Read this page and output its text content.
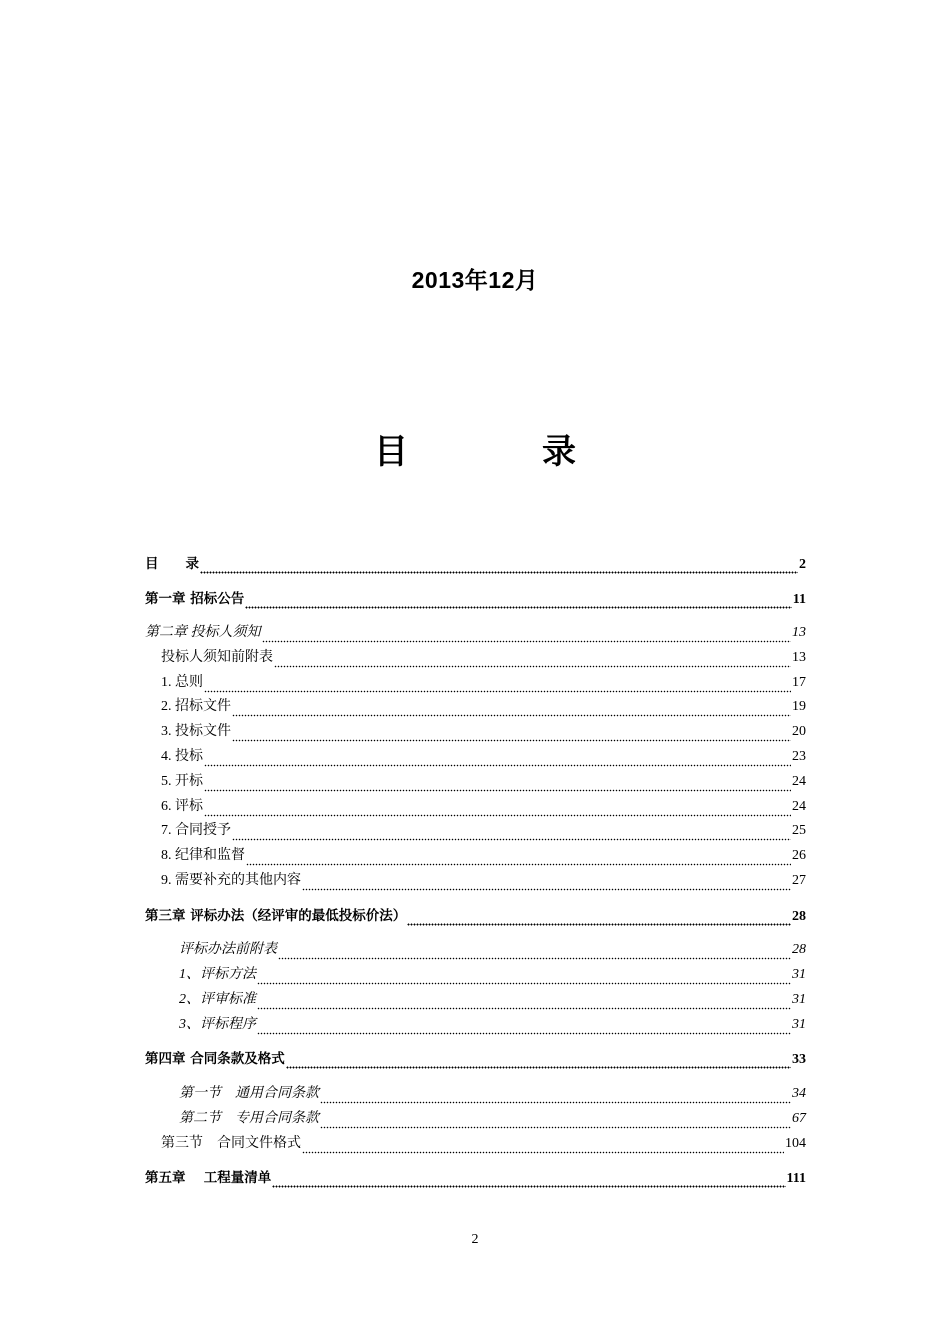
2013年12月
目　录
目　　录	2
第一章 招标公告	11
第二章 投标人须知	13
投标人须知前附表	13
1. 总则	17
2. 招标文件	19
3. 投标文件	20
4. 投标	23
5. 开标	24
6. 评标	24
7. 合同授予	25
8. 纪律和监督	26
9. 需要补充的其他内容	27
第三章 评标办法（经评审的最低投标价法）	28
评标办法前附表	28
1、评标方法	31
2、评审标准	31
3、评标程序	31
第四章 合同条款及格式	33
第一节　通用合同条款	34
第二节　专用合同条款	67
第三节　合同文件格式	104
第五章　 工程量清单	111
2
